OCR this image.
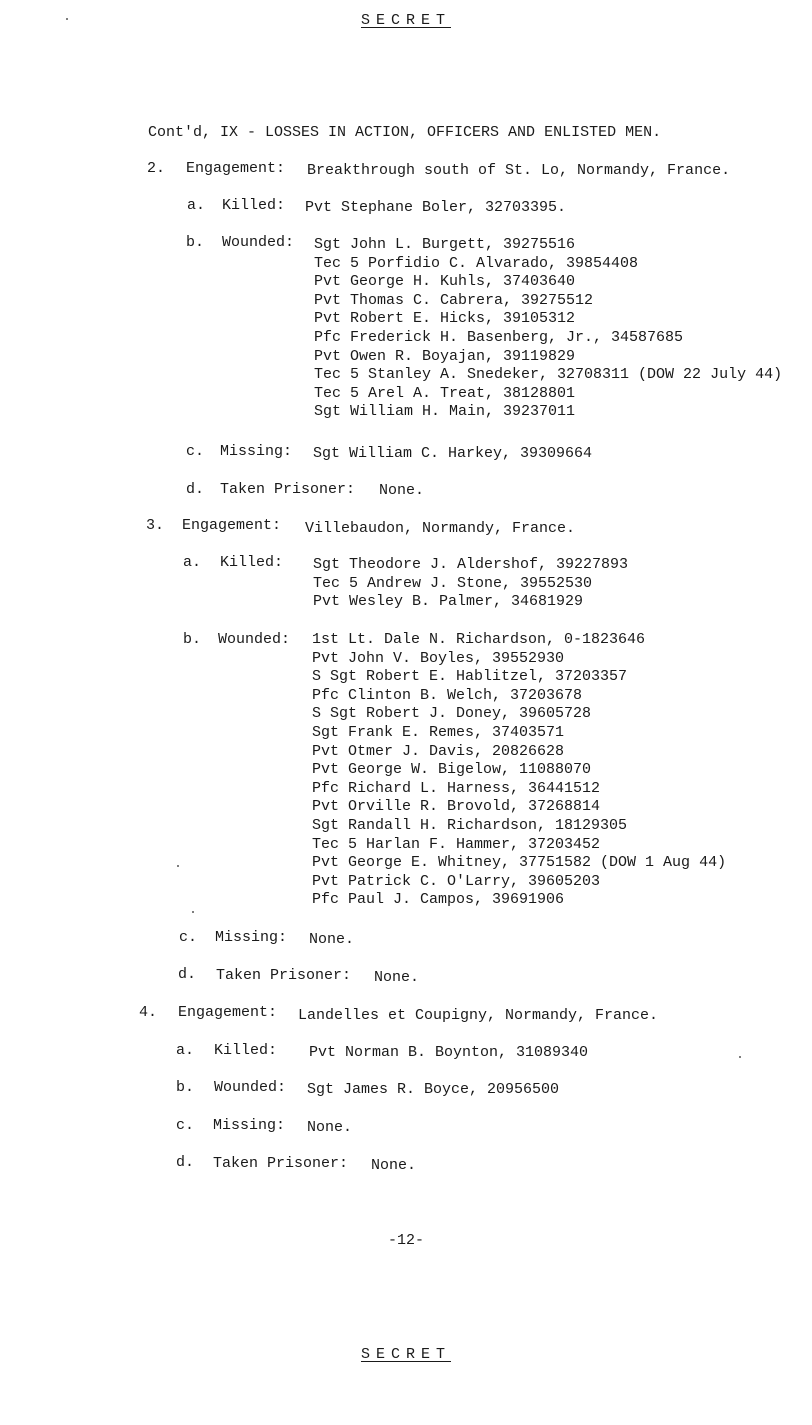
SECRET
Cont'd, IX - LOSSES IN ACTION, OFFICERS AND ENLISTED MEN.
2. Engagement: Breakthrough south of St. Lo, Normandy, France.
a. Killed: Pvt Stephane Boler, 32703395.
b. Wounded: Sgt John L. Burgett, 39275516
Tec 5 Porfidio C. Alvarado, 39854408
Pvt George H. Kuhls, 37403640
Pvt Thomas C. Cabrera, 39275512
Pvt Robert E. Hicks, 39105312
Pfc Frederick H. Basenberg, Jr., 34587685
Pvt Owen R. Boyajan, 39119829
Tec 5 Stanley A. Snedeker, 32708311 (DOW 22 July 44)
Tec 5 Arel A. Treat, 38128801
Sgt William H. Main, 39237011
c. Missing: Sgt William C. Harkey, 39309664
d. Taken Prisoner: None.
3. Engagement: Villebaudon, Normandy, France.
a. Killed: Sgt Theodore J. Aldershof, 39227893
Tec 5 Andrew J. Stone, 39552530
Pvt Wesley B. Palmer, 34681929
b. Wounded: 1st Lt. Dale N. Richardson, 0-1823646
Pvt John V. Boyles, 39552930
S Sgt Robert E. Hablitzel, 37203357
Pfc Clinton B. Welch, 37203678
S Sgt Robert J. Doney, 39605728
Sgt Frank E. Remes, 37403571
Pvt Otmer J. Davis, 20826628
Pvt George W. Bigelow, 11088070
Pfc Richard L. Harness, 36441512
Pvt Orville R. Brovold, 37268814
Sgt Randall H. Richardson, 18129305
Tec 5 Harlan F. Hammer, 37203452
Pvt George E. Whitney, 37751582 (DOW 1 Aug 44)
Pvt Patrick C. O'Larry, 39605203
Pfc Paul J. Campos, 39691906
c. Missing: None.
d. Taken Prisoner: None.
4. Engagement: Landelles et Coupigny, Normandy, France.
a. Killed: Pvt Norman B. Boynton, 31089340
b. Wounded: Sgt James R. Boyce, 20956500
c. Missing: None.
d. Taken Prisoner: None.
-12-
SECRET
